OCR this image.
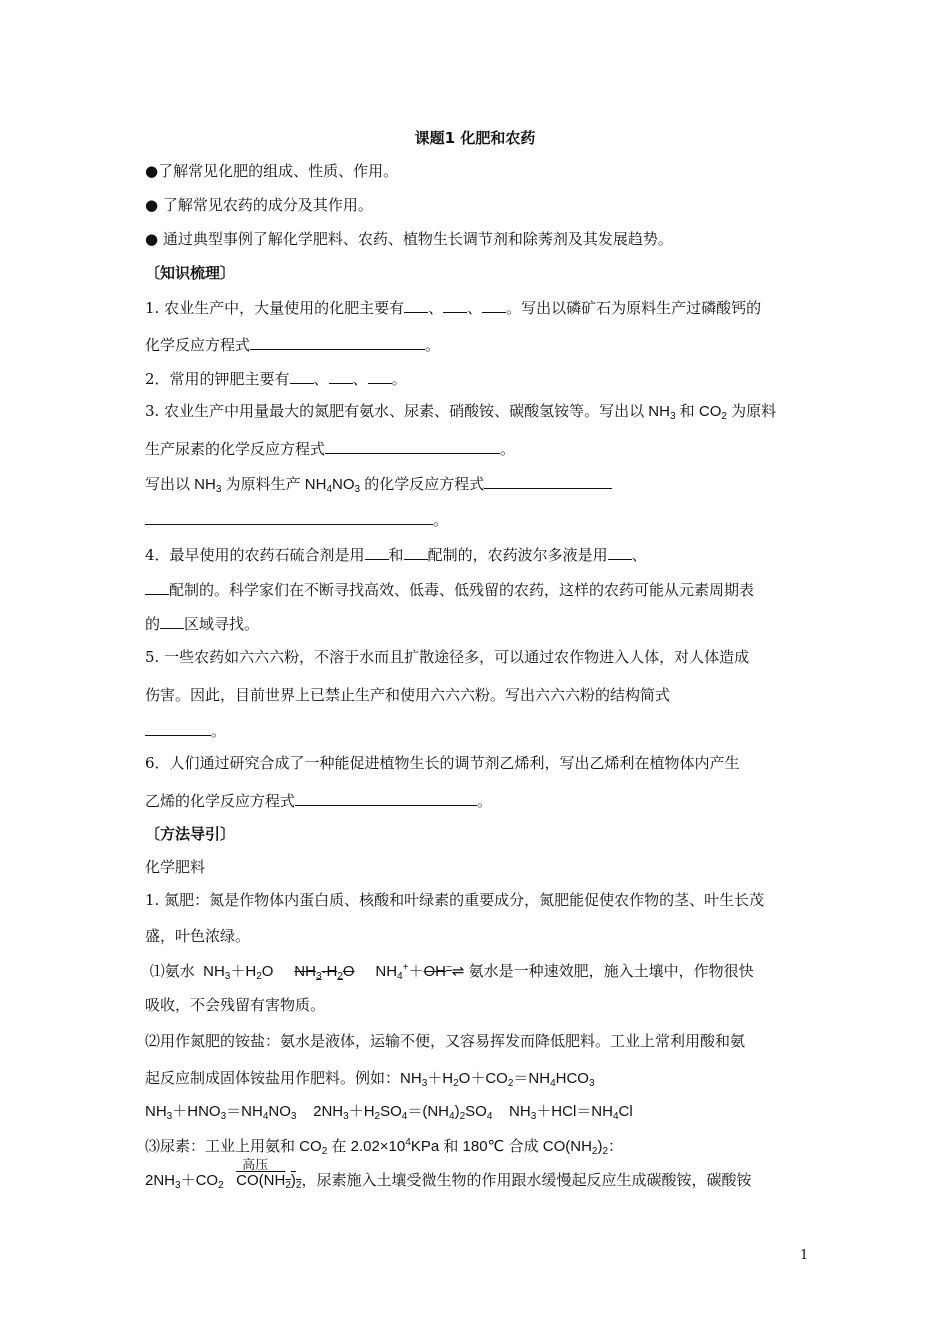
课题1 化肥和农药
●了解常见化肥的组成、性质、作用。
● 了解常见农药的成分及其作用。
● 通过典型事例了解化学肥料、农药、植物生长调节剂和除莠剂及其发展趋势。
〔知识梳理〕
1. 农业生产中，大量使用的化肥主要有 、 、 。写出以磷矿石为原料生产过磷酸钙的
化学反应方程式	。
2．常用的钾肥主要有 、 、 。
3. 农业生产中用量最大的氮肥有氨水、尿素、硝酸铵、碳酸氢铵等。写出以 $NH_3$ 和 $CO_2$ 为原料
生产尿素的化学反应方程式	。
写出以 $NH_3$ 为原料生产 $NH_4NO_3$ 的化学反应方程式
。
4．最早使用的农药石硫合剂是用 和 配制的，农药波尔多液是用 、
配制的。科学家们在不断寻找高效、低毒、低残留的农药，这样的农药可能从元素周期表
的 区域寻找。
5. 一些农药如六六六粉，不溶于水而且扩散途径多，可以通过农作物进入人体，对人体造成
伤害。因此，目前世界上已禁止生产和使用六六六粉。写出六六六粉的结构简式
。
6．人们通过研究合成了一种能促进植物生长的调节剂乙烯利，写出乙烯利在植物体内产生
乙烯的化学反应方程式	。
〔方法导引〕
化学肥料
1. 氮肥：氮是作物体内蛋白质、核酸和叶绿素的重要成分，氮肥能促使农作物的茎、叶生长茂
盛，叶色浓绿。
⑴氨水  $NH_3+H_2O$     $NH_3\cdot H_2O$     $NH_4^++OH^-\rightleftharpoons$ 氨水是一种速效肥，施入土壤中，作物很快
吸收，不会残留有害物质。
⑵用作氮肥的铵盐：氨水是液体，运输不便，又容易挥发而降低肥料。工业上常利用酸和氨
起反应制成固体铵盐用作肥料。例如：$NH_3+H_2O+CO_2=NH_4HCO_3$
$NH_3+HNO_3=NH_4NO_3$    $2NH_3+H_2SO_4=(NH_4)_2SO_4$    $NH_3+HCl=NH_4Cl$
⑶尿素：工业上用氨和 $CO_2$ 在 $2.02\times 10^4KPa$ 和 180℃ 合成 $CO(NH_2)_2$：
$2NH_3+CO_2$
高压
$CO(NH_2)_2$，尿素施入土壤受微生物的作用跟水缓慢起反应生成碳酸铵，碳酸铵
1
